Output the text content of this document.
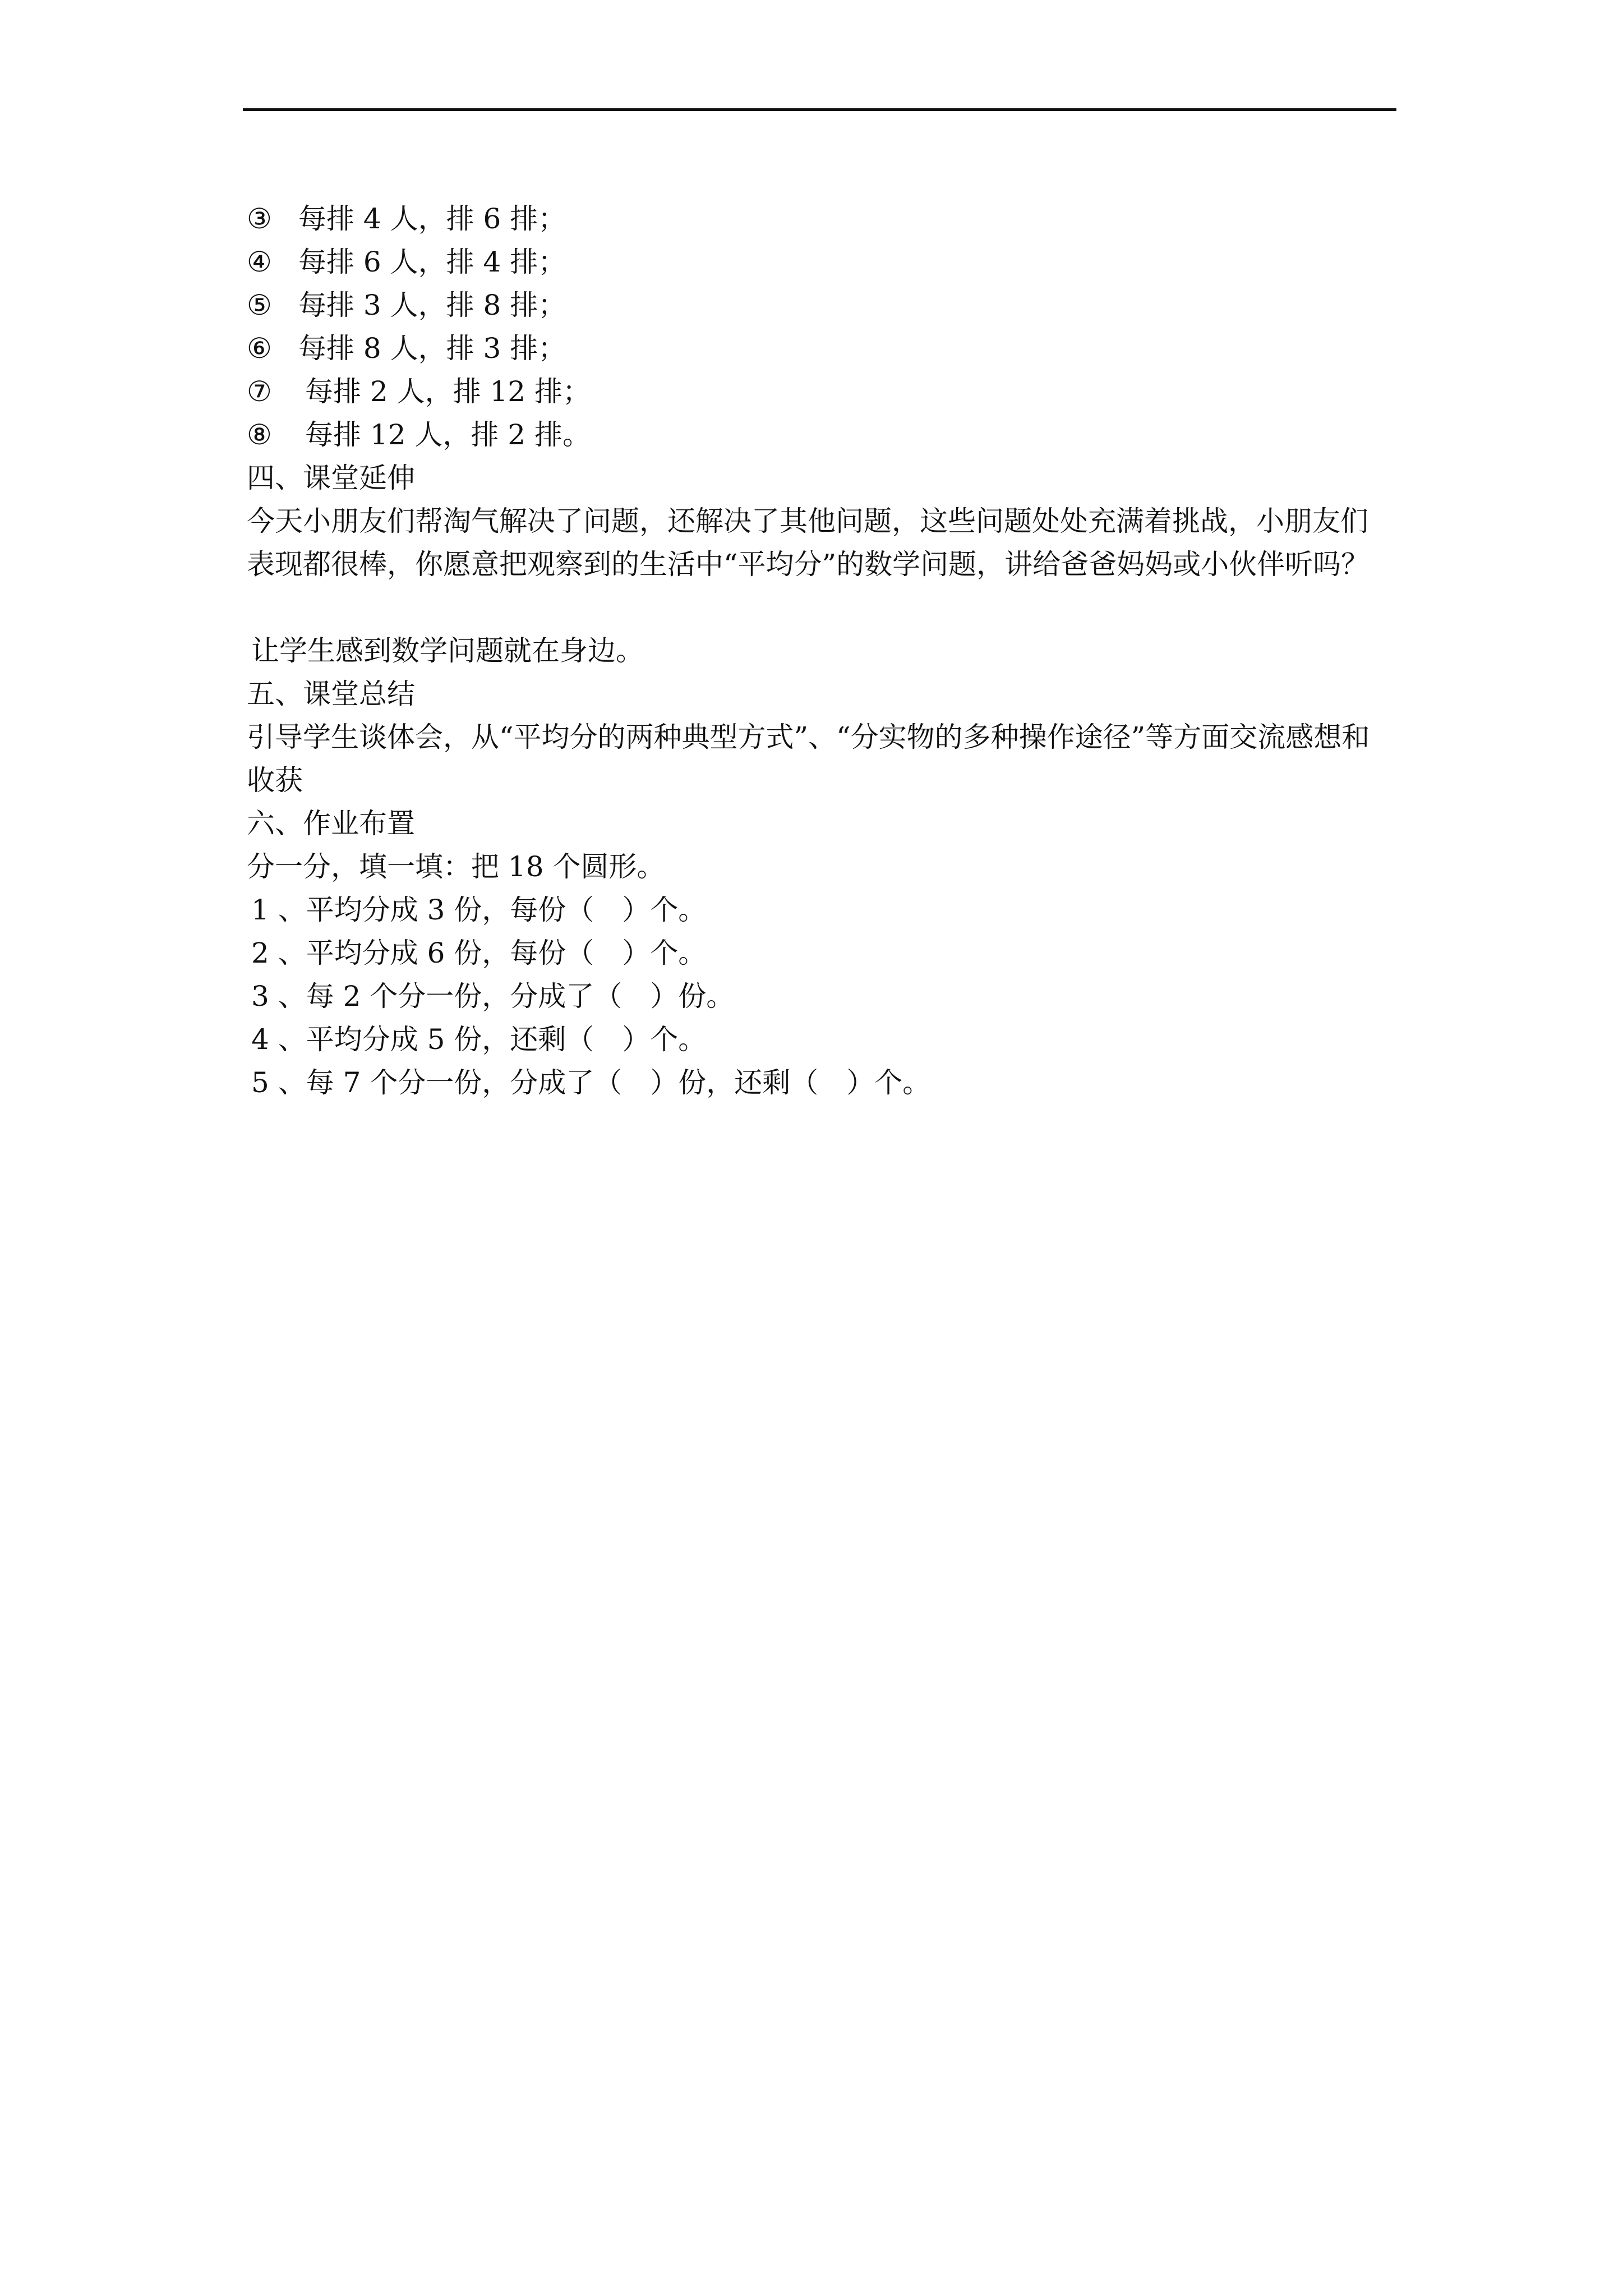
③ 每排 4 人，排 6 排；
④ 每排 6 人，排 4 排；
⑤ 每排 3 人，排 8 排；
⑥ 每排 8 人，排 3 排；
⑦ 每排 2 人，排 12 排；
⑧ 每排 12 人，排 2 排。
四、课堂延伸
今天小朋友们帮淘气解决了问题，还解决了其他问题，这些问题处处充满着挑战，小朋友们
表现都很棒，你愿意把观察到的生活中“平均分”的数学问题，讲给爸爸妈妈或小伙伴听吗？
让学生感到数学问题就在身边。
五、课堂总结
引导学生谈体会，从“平均分的两种典型方式”、“分实物的多种操作途径”等方面交流感想和
收获
六、作业布置
分一分，填一填：把 18 个圆形。
1 、平均分成 3 份，每份（　）个。
2 、平均分成 6 份，每份（　）个。
3 、每 2 个分一份，分成了（　）份。
4 、平均分成 5 份，还剩（　）个。
5 、每 7 个分一份，分成了（　）份，还剩（　）个。
